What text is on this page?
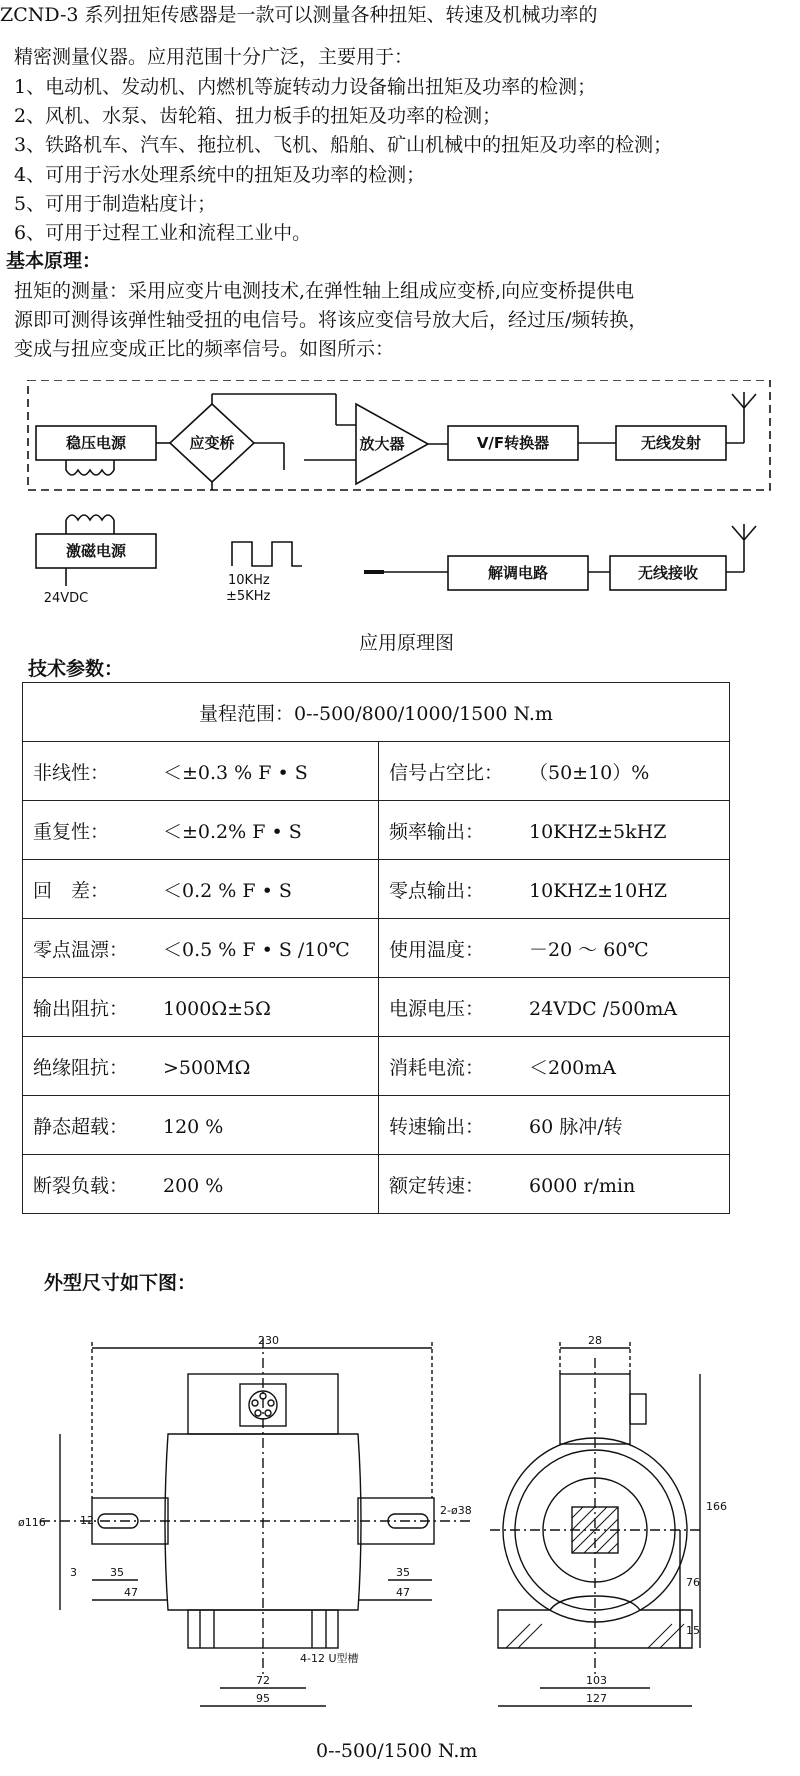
ZCND-3 系列扭矩传感器是一款可以测量各种扭矩、转速及机械功率的
精密测量仪器。应用范围十分广泛，主要用于：
1、电动机、发动机、内燃机等旋转动力设备输出扭矩及功率的检测；
2、风机、水泵、齿轮箱、扭力板手的扭矩及功率的检测；
3、铁路机车、汽车、拖拉机、飞机、船舶、矿山机械中的扭矩及功率的检测；
4、可用于污水处理系统中的扭矩及功率的检测；
5、可用于制造粘度计；
6、可用于过程工业和流程工业中。
基本原理：
扭矩的测量：采用应变片电测技术,在弹性轴上组成应变桥,向应变桥提供电
源即可测得该弹性轴受扭的电信号。将该应变信号放大后，经过压/频转换，
变成与扭应变成正比的频率信号。如图所示：
稳压电源	应变桥	放大器	V/F转换器	无线发射
激磁电源
解调电路	无线接收
10KHz
±5KHz
24VDC
应用原理图
技术参数：
量程范围：0--500/800/1000/1500 N.m	
非线性： ＜±0.3 % F • S	信号占空比： （50±10）%
重复性： ＜±0.2% F • S	频率输出： 10KHZ±5kHZ
回　差： ＜0.2 % F • S	零点输出： 10KHZ±10HZ
零点温漂： ＜0.5 % F • S /10℃	使用温度： －20 ～ 60℃
输出阻抗： 1000Ω±5Ω	电源电压： 24VDC /500mA
绝缘阻抗： >500MΩ	消耗电流： ＜200mA
静态超载： 120 %	转速输出： 60 脉冲/转
断裂负载： 200 %	额定转速： 6000 r/min
外型尺寸如下图：
230	28
ø116	12
2-ø38	166
76
15
3	35
47
35
47
72
95
4-12 U型槽
103
127
0--500/1500 N.m
